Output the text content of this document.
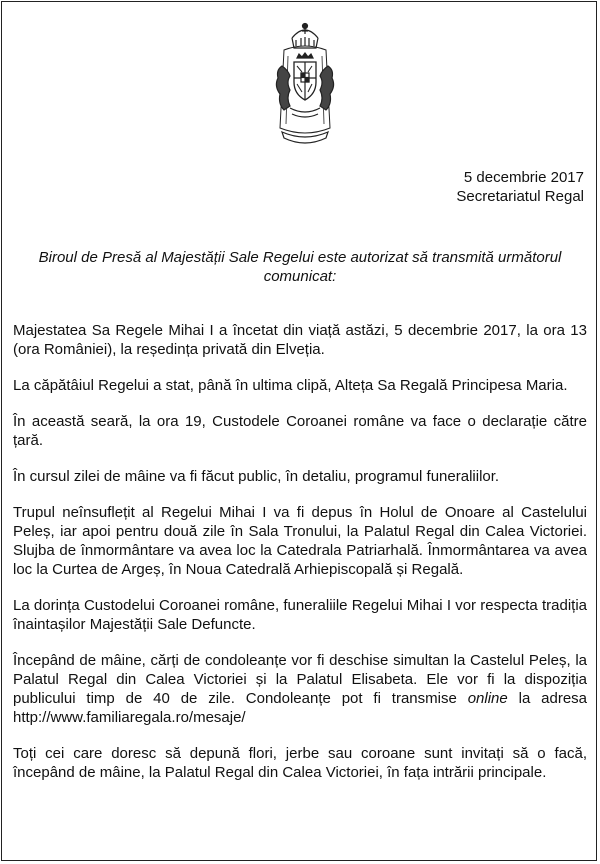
5 decembrie 2017
Secretariatul Regal
Biroul de Presă al Majestății Sale Regelui este autorizat să transmită următorul comunicat:

Majestatea Sa Regele Mihai I a încetat din viață astăzi, 5 decembrie 2017, la ora 13 (ora României), la reședința privată din Elveția.

La căpătâiul Regelui a stat, până în ultima clipă, Alteța Sa Regală Principesa Maria.

În această seară, la ora 19, Custodele Coroanei române va face o declarație către țară.

În cursul zilei de mâine va fi făcut public, în detaliu, programul funeraliilor.

Trupul neînsuflețit al Regelui Mihai I va fi depus în Holul de Onoare al Castelului Peleș, iar apoi pentru două zile în Sala Tronului, la Palatul Regal din Calea Victoriei. Slujba de înmormântare va avea loc la Catedrala Patriarhală. Înmormântarea va avea loc la Curtea de Argeș, în Noua Catedrală Arhiepiscopală și Regală.

La dorința Custodelui Coroanei române, funeraliile Regelui Mihai I vor respecta tradiția înaintașilor Majestății Sale Defuncte.

Începând de mâine, cărți de condoleanțe vor fi deschise simultan la Castelul Peleș, la Palatul Regal din Calea Victoriei și la Palatul Elisabeta. Ele vor fi la dispoziția publicului timp de 40 de zile. Condoleanțe pot fi transmise online la adresa http://www.familiaregala.ro/mesaje/

Toți cei care doresc să depună flori, jerbe sau coroane sunt invitați să o facă, începând de mâine, la Palatul Regal din Calea Victoriei, în fața intrării principale.
